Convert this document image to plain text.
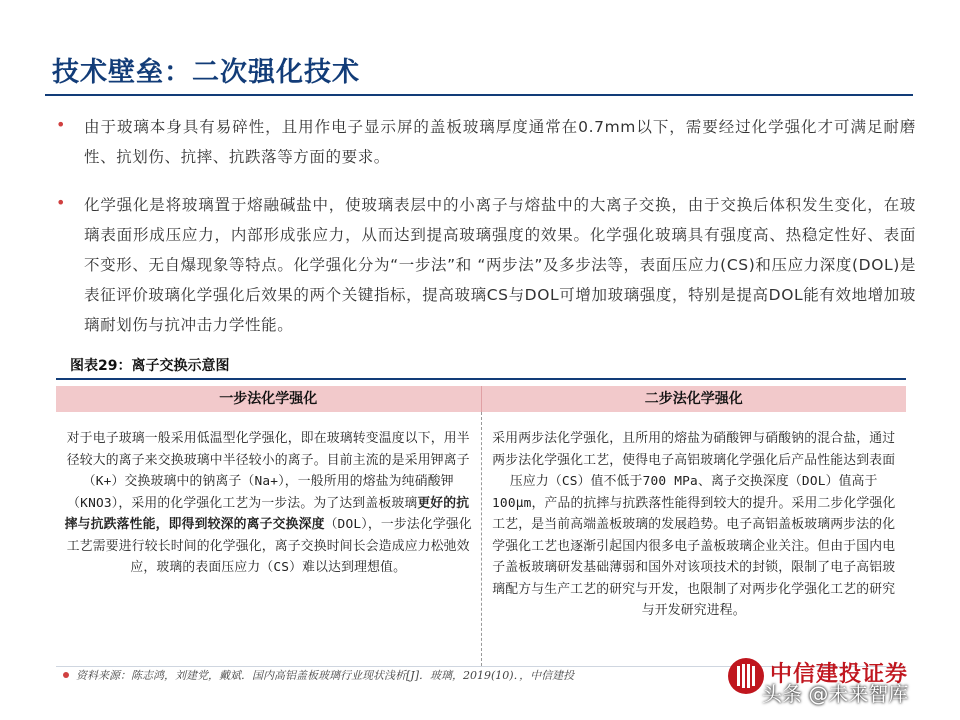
技术壁垒：二次强化技术
• 由于玻璃本身具有易碎性，且用作电子显示屏的盖板玻璃厚度通常在0.7mm以下，需要经过化学强化才可满足耐磨性、抗划伤、抗摔、抗跌落等方面的要求。
• 化学强化是将玻璃置于熔融碱盐中，使玻璃表层中的小离子与熔盐中的大离子交换，由于交换后体积发生变化，在玻璃表面形成压应力，内部形成张应力，从而达到提高玻璃强度的效果。化学强化玻璃具有强度高、热稳定性好、表面不变形、无自爆现象等特点。化学强化分为“一步法”和 “两步法”及多步法等，表面压应力(CS)和压应力深度(DOL)是表征评价玻璃化学强化后效果的两个关键指标，提高玻璃CS与DOL可增加玻璃强度，特别是提高DOL能有效地增加玻璃耐划伤与抗冲击力学性能。
图表29：离子交换示意图
一步法化学强化	二步法化学强化
对于电子玻璃一般采用低温型化学强化，即在玻璃转变温度以下，用半径较大的离子来交换玻璃中半径较小的离子。目前主流的是采用钾离子（K+）交换玻璃中的钠离子（Na+），一般所用的熔盐为纯硝酸钾（KNO3），采用的化学强化工艺为一步法。为了达到盖板玻璃更好的抗摔与抗跌落性能，即得到较深的离子交换深度（DOL），一步法化学强化工艺需要进行较长时间的化学强化，离子交换时间长会造成应力松弛效应，玻璃的表面压应力（CS）难以达到理想值。
采用两步法化学强化，且所用的熔盐为硝酸钾与硝酸钠的混合盐，通过两步法化学强化工艺，使得电子高铝玻璃化学强化后产品性能达到表面压应力（CS）值不低于700 MPa、离子交换深度（DOL）值高于100μm，产品的抗摔与抗跌落性能得到较大的提升。采用二步化学强化工艺，是当前高端盖板玻璃的发展趋势。电子高铝盖板玻璃两步法的化学强化工艺也逐渐引起国内很多电子盖板玻璃企业关注。但由于国内电子盖板玻璃研发基础薄弱和国外对该项技术的封锁，限制了电子高铝玻璃配方与生产工艺的研究与开发，也限制了对两步化学强化工艺的研究与开发研究进程。
资料来源：陈志鸿，刘建党，戴斌．国内高铝盖板玻璃行业现状浅析[J]．玻璃，2019(10)．，中信建投	中信建投证券
头条 @未来智库
